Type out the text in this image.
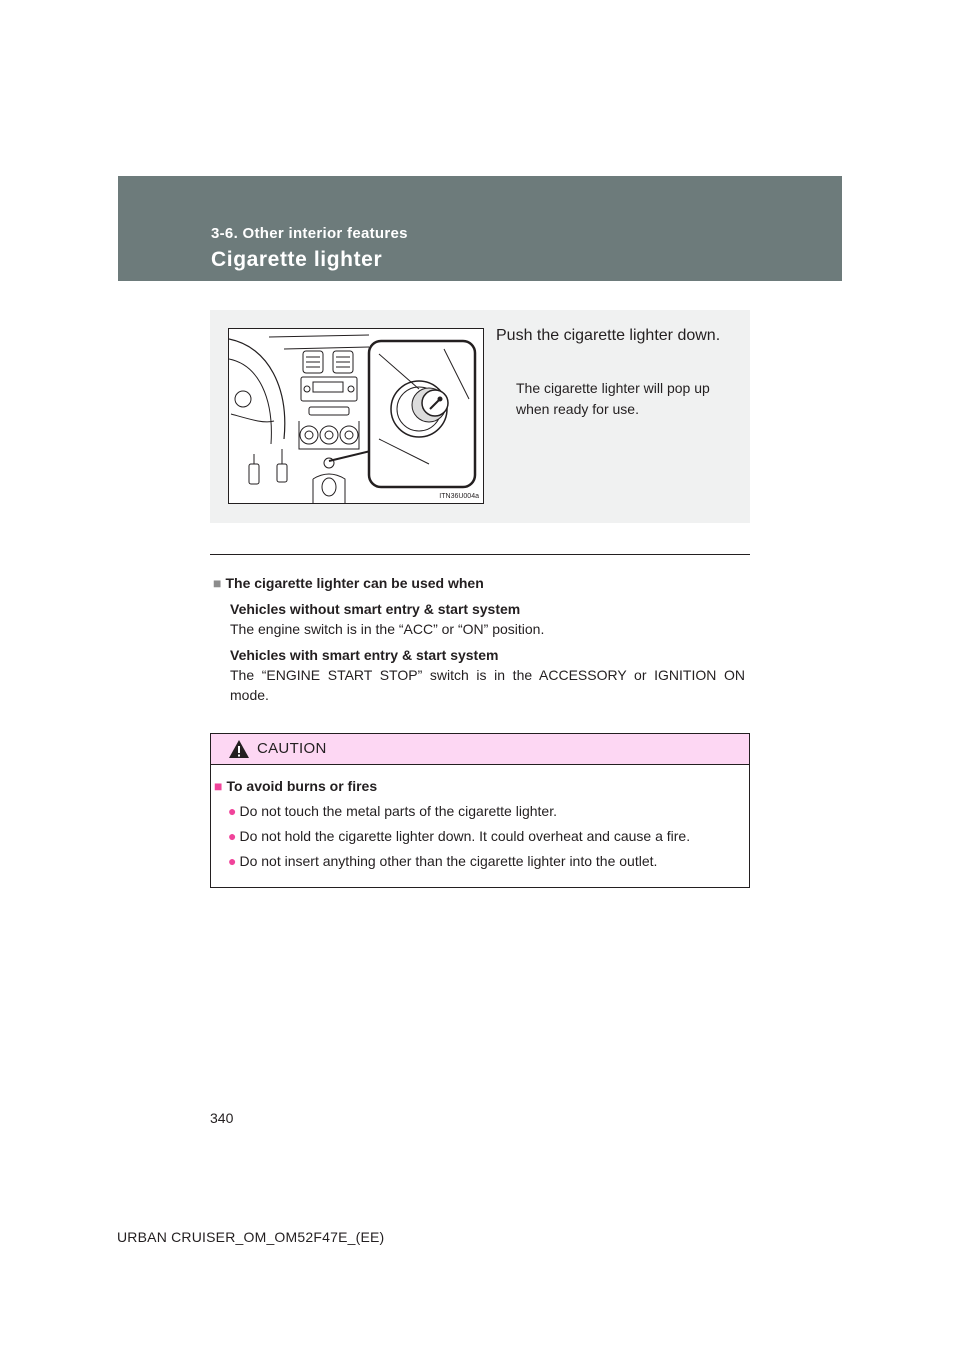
3-6. Other interior features
Cigarette lighter
ITN36U004a
Push the cigarette lighter down.
The cigarette lighter will pop up when ready for use.
■ The cigarette lighter can be used when
Vehicles without smart entry & start system
The engine switch is in the “ACC” or “ON” position.
Vehicles with smart entry & start system
The “ENGINE START STOP” switch is in the ACCESSORY or IGNITION ON mode.
CAUTION
■ To avoid burns or fires
● Do not touch the metal parts of the cigarette lighter.
● Do not hold the cigarette lighter down. It could overheat and cause a fire.
● Do not insert anything other than the cigarette lighter into the outlet.
340
URBAN CRUISER_OM_OM52F47E_(EE)
